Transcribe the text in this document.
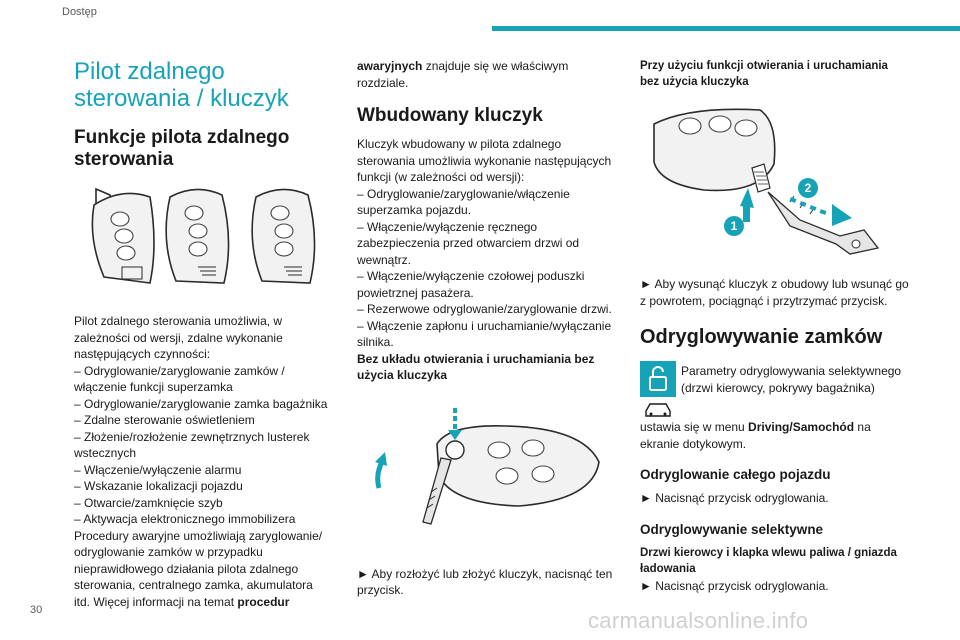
Dostęp
Pilot zdalnego sterowania / kluczyk
Funkcje pilota zdalnego sterowania

Pilot zdalnego sterowania umożliwia, w

zależności od wersji, zdalne wykonanie

następujących czynności:

– Odryglowanie/zaryglowanie zamków /

włączenie funkcji superzamka

– Odryglowanie/zaryglowanie zamka bagażnika

– Zdalne sterowanie oświetleniem

– Złożenie/rozłożenie zewnętrznych lusterek

wstecznych

– Włączenie/wyłączenie alarmu

– Wskazanie lokalizacji pojazdu

– Otwarcie/zamknięcie szyb

– Aktywacja elektronicznego immobilizera

Procedury awaryjne umożliwiają zaryglowanie/

odryglowanie zamków w przypadku

nieprawidłowego działania pilota zdalnego

sterowania, centralnego zamka, akumulatora

itd. Więcej informacji na temat procedur

awaryjnych znajduje się we właściwym rozdziale.

Wbudowany kluczyk

Kluczyk wbudowany w pilota zdalnego

sterowania umożliwia wykonanie następujących

funkcji (w zależności od wersji):

– Odryglowanie/zaryglowanie/włączenie

superzamka pojazdu.

– Włączenie/wyłączenie ręcznego

zabezpieczenia przed otwarciem drzwi od

wewnątrz.

– Włączenie/wyłączenie czołowej poduszki

powietrznej pasażera.

– Rezerwowe odryglowanie/zaryglowanie drzwi.

– Włączenie zapłonu i uruchamianie/wyłączanie

silnika.

Bez układu otwierania i uruchamiania bez użycia kluczyka

► Aby rozłożyć lub złożyć kluczyk, nacisnąć ten przycisk.

Przy użyciu funkcji otwierania i uruchamiania bez użycia kluczyka

1
2

► Aby wysunąć kluczyk z obudowy lub wsunąć go z powrotem, pociągnąć i przytrzymać przycisk.

Odryglowywanie zamków

Parametry odryglowywania selektywnego (drzwi kierowcy, pokrywy bagażnika)

ustawia się w menu Driving/Samochód na ekranie dotykowym.

Odryglowanie całego pojazdu

► Nacisnąć przycisk odryglowania.

Odryglowywanie selektywne

Drzwi kierowcy i klapka wlewu paliwa / gniazda ładowania

► Nacisnąć przycisk odryglowania.

30	carmanualsonline.info
